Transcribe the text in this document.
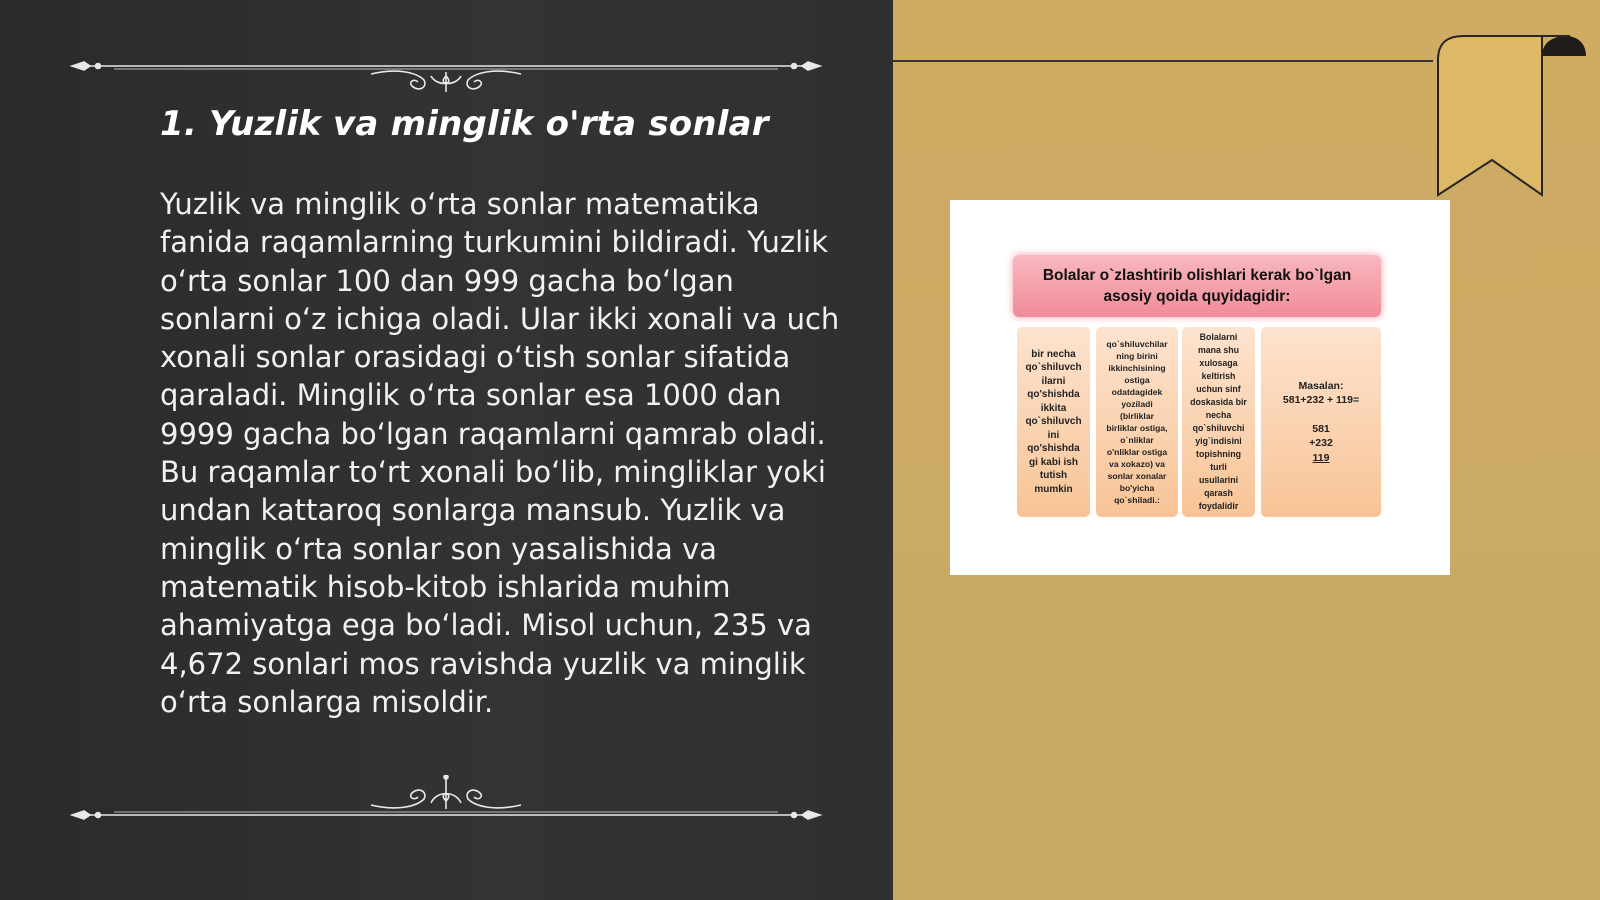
1. Yuzlik va minglik o'rta sonlar

Yuzlik va minglik o‘rta sonlar matematika fanida raqamlarning turkumini bildiradi. Yuzlik o‘rta sonlar 100 dan 999 gacha bo‘lgan sonlarni o‘z ichiga oladi. Ular ikki xonali va uch xonali sonlar orasidagi o‘tish sonlar sifatida qaraladi. Minglik o‘rta sonlar esa 1000 dan 9999 gacha bo‘lgan raqamlarni qamrab oladi. Bu raqamlar to‘rt xonali bo‘lib, mingliklar yoki undan kattaroq sonlarga mansub. Yuzlik va minglik o‘rta sonlar son yasalishida va matematik hisob-kitob ishlarida muhim ahamiyatga ega bo‘ladi. Misol uchun, 235 va 4,672 sonlari mos ravishda yuzlik va minglik o‘rta sonlarga misoldir.

Bolalar o`zlashtirib olishlari kerak bo`lgan asosiy qoida quyidagidir:
bir necha
qo`shiluvch
ilarni
qo'shishda
ikkita
qo`shiluvch
ini
qo'shishda
gi kabi ish
tutish
mumkin
qo`shiluvchilar
ning birini
ikkinchisining
ostiga
odatdagidek
yoziladi
(birliklar
birliklar ostiga,
o`nliklar
o'nliklar ostiga
va xokazo) va
sonlar xonalar
bo'yicha
qo`shiladi.:
Bolalarni
mana shu
xulosaga
keltirish
uchun sinf
doskasida bir
necha
qo`shiluvchi
yig`indisini
topishning
turli
usullarini
qarash
foydalidir
Masalan:
581+232 + 119=
581
+232
119
